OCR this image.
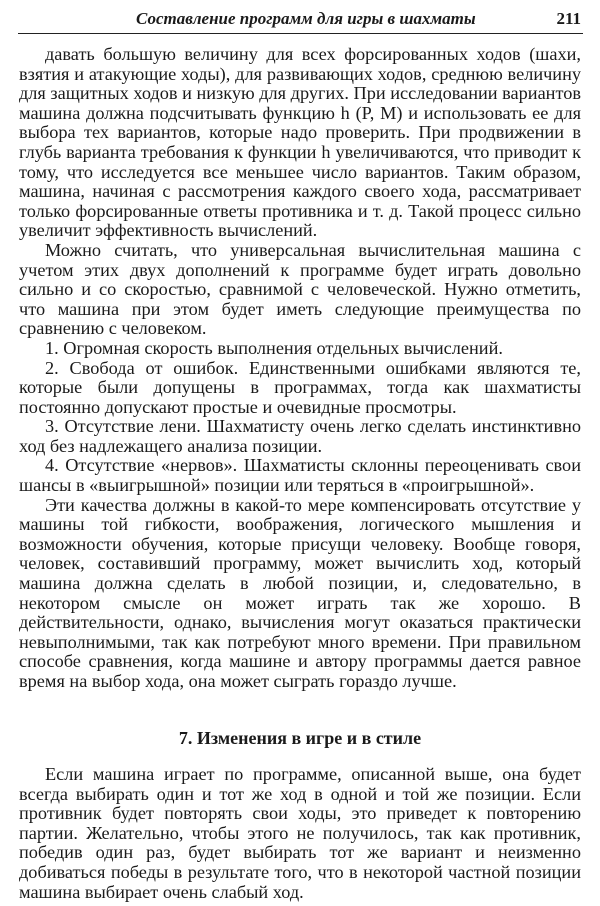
Составление программ для игры в шахматы	211

давать большую величину для всех форсированных ходов (шахи, взятия и атакующие ходы), для развивающих ходов, среднюю величину для защитных ходов и низкую для других. При исследовании вариантов машина должна подсчитывать функцию h (P, M) и использовать ее для выбора тех вариантов, которые надо проверить. При продвижении в глубь варианта требования к функции h увеличиваются, что приводит к тому, что исследуется все меньшее число вариантов. Таким образом, машина, начиная с рассмотрения каждого своего хода, рассматривает только форсированные ответы противника и т. д. Такой процесс сильно увеличит эффективность вычислений.

Можно считать, что универсальная вычислительная машина с учетом этих двух дополнений к программе будет играть довольно сильно и со скоростью, сравнимой с человеческой. Нужно отметить, что машина при этом будет иметь следующие преимущества по сравнению с человеком.

1. Огромная скорость выполнения отдельных вычислений.

2. Свобода от ошибок. Единственными ошибками являются те, которые были допущены в программах, тогда как шахматисты постоянно допускают простые и очевидные просмотры.

3. Отсутствие лени. Шахматисту очень легко сделать инстинктивно ход без надлежащего анализа позиции.

4. Отсутствие «нервов». Шахматисты склонны переоценивать свои шансы в «выигрышной» позиции или теряться в «проигрышной».

Эти качества должны в какой-то мере компенсировать отсутствие у машины той гибкости, воображения, логического мышления и возможности обучения, которые присущи человеку. Вообще говоря, человек, составивший программу, может вычислить ход, который машина должна сделать в любой позиции, и, следовательно, в некотором смысле он может играть так же хорошо. В действительности, однако, вычисления могут оказаться практически невыполнимыми, так как потребуют много времени. При правильном способе сравнения, когда машине и автору программы дается равное время на выбор хода, она может сыграть гораздо лучше.

7. Изменения в игре и в стиле

Если машина играет по программе, описанной выше, она будет всегда выбирать один и тот же ход в одной и той же позиции. Если противник будет повторять свои ходы, это приведет к повторению партии. Желательно, чтобы этого не получилось, так как противник, победив один раз, будет выбирать тот же вариант и неизменно добиваться победы в результате того, что в некоторой частной позиции машина выбирает очень слабый ход.
